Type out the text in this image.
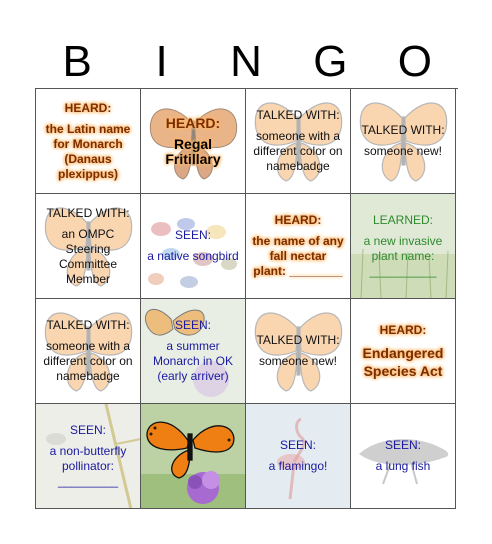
B	I	N	G	O
HEARD:
the Latin name for Monarch (Danaus plexippus)
HEARD:
Regal Fritillary
TALKED WITH:
someone with a different color on namebadge
TALKED WITH:
someone new!
TALKED WITH:
an OMPC Steering Committee Member
SEEN:
a native songbird
HEARD:
the name of any fall nectar plant: ________
LEARNED:
a new invasive plant name: __________
TALKED WITH:
someone with a different color on namebadge
SEEN:
a summer Monarch in OK (early arriver)
TALKED WITH:
someone new!
HEARD:
Endangered Species Act
SEEN:
a non-butterfly pollinator: _________
SEEN:
a flamingo!
SEEN:
a lung fish
